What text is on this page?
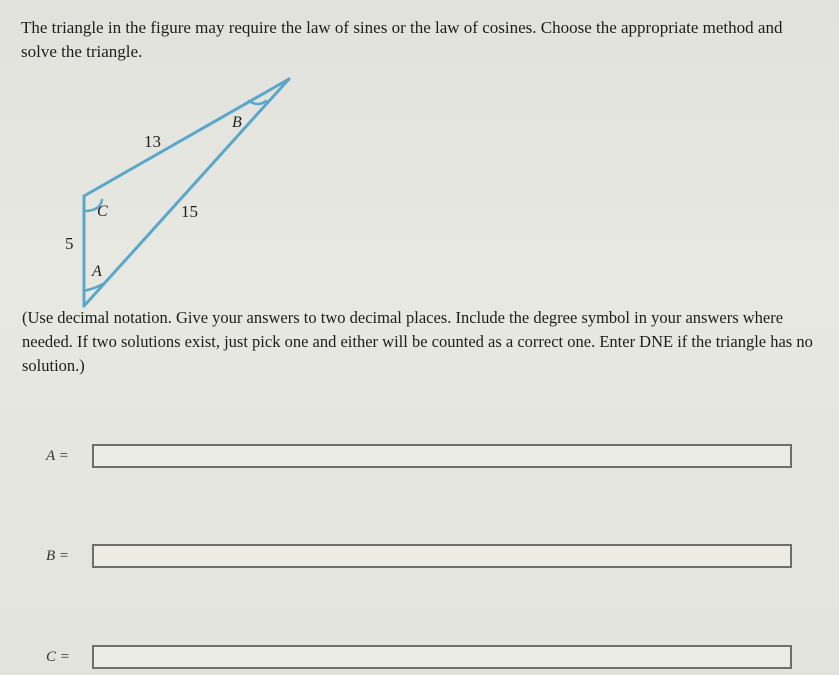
The triangle in the figure may require the law of sines or the law of cosines. Choose the appropriate method and solve the triangle.
13
15
5
B
C
A
(Use decimal notation. Give your answers to two decimal places. Include the degree symbol in your answers where needed. If two solutions exist, just pick one and either will be counted as a correct one. Enter DNE if the triangle has no solution.)
A =
B =
C =
